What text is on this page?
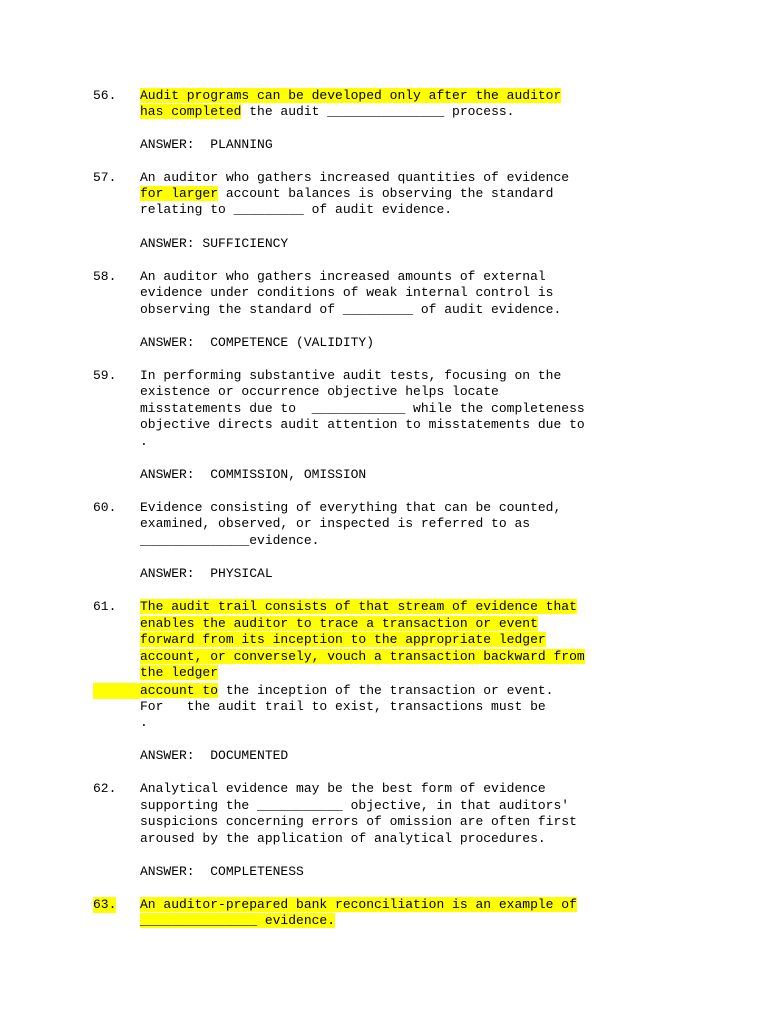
56. Audit programs can be developed only after the auditor
has completed the audit _______________ process.
ANSWER:  PLANNING
57. An auditor who gathers increased quantities of evidence
for larger account balances is observing the standard
relating to _________ of audit evidence.
ANSWER: SUFFICIENCY
58. An auditor who gathers increased amounts of external
evidence under conditions of weak internal control is
observing the standard of _________ of audit evidence.
ANSWER:  COMPETENCE (VALIDITY)
59. In performing substantive audit tests, focusing on the
existence or occurrence objective helps locate
misstatements due to  ____________ while the completeness
objective directs audit attention to misstatements due to
.
ANSWER:  COMMISSION, OMISSION
60. Evidence consisting of everything that can be counted,
examined, observed, or inspected is referred to as
______________evidence.
ANSWER:  PHYSICAL
61. The audit trail consists of that stream of evidence that
enables the auditor to trace a transaction or event
forward from its inception to the appropriate ledger
account, or conversely, vouch a transaction backward from
the ledger
account to the inception of the transaction or event.
For   the audit trail to exist, transactions must be
.
ANSWER:  DOCUMENTED
62. Analytical evidence may be the best form of evidence
supporting the ___________ objective, in that auditors'
suspicions concerning errors of omission are often first
aroused by the application of analytical procedures.
ANSWER:  COMPLETENESS
63. An auditor-prepared bank reconciliation is an example of
_______________ evidence.
